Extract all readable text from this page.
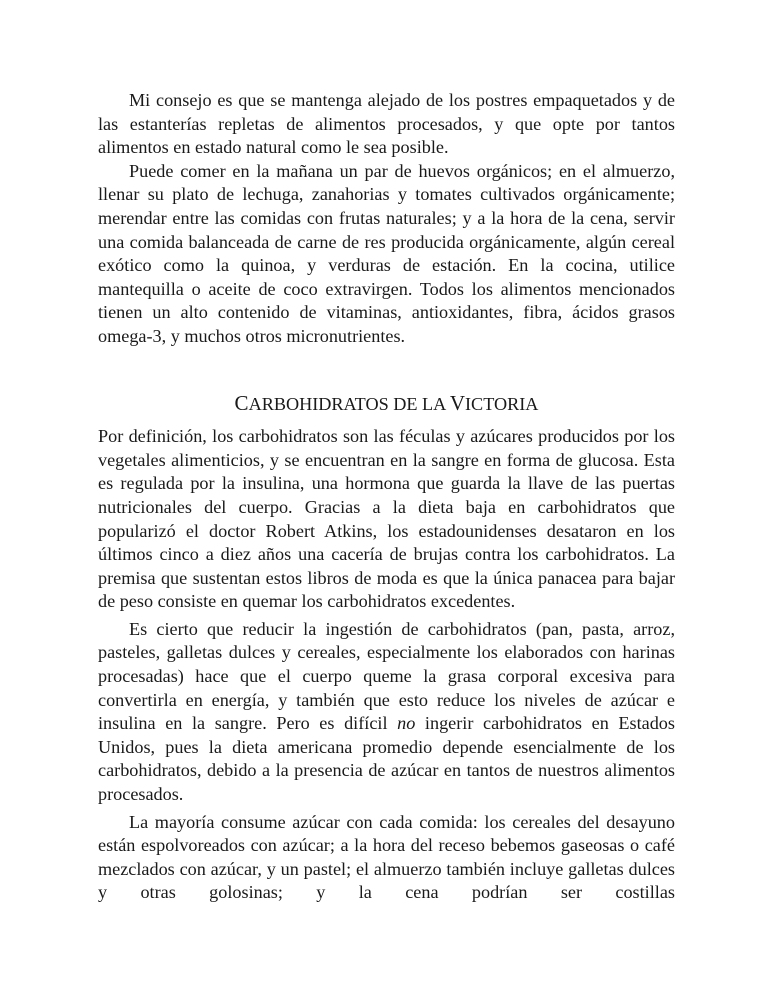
Mi consejo es que se mantenga alejado de los postres empaquetados y de las estanterías repletas de alimentos procesados, y que opte por tantos alimentos en estado natural como le sea posible.

Puede comer en la mañana un par de huevos orgánicos; en el almuerzo, llenar su plato de lechuga, zanahorias y tomates cultivados orgánicamente; merendar entre las comidas con frutas naturales; y a la hora de la cena, servir una comida balanceada de carne de res producida orgánicamente, algún cereal exótico como la quinoa, y verduras de estación. En la cocina, utilice mantequilla o aceite de coco extravirgen. Todos los alimentos mencionados tienen un alto contenido de vitaminas, antioxidantes, fibra, ácidos grasos omega-3, y muchos otros micronutrientes.

CARBOHIDRATOS DE LA VICTORIA

Por definición, los carbohidratos son las féculas y azúcares producidos por los vegetales alimenticios, y se encuentran en la sangre en forma de glucosa. Esta es regulada por la insulina, una hormona que guarda la llave de las puertas nutricionales del cuerpo. Gracias a la dieta baja en carbohidratos que popularizó el doctor Robert Atkins, los estadounidenses desataron en los últimos cinco a diez años una cacería de brujas contra los carbohidratos. La premisa que sustentan estos libros de moda es que la única panacea para bajar de peso consiste en quemar los carbohidratos excedentes.

Es cierto que reducir la ingestión de carbohidratos (pan, pasta, arroz, pasteles, galletas dulces y cereales, especialmente los elaborados con harinas procesadas) hace que el cuerpo queme la grasa corporal excesiva para convertirla en energía, y también que esto reduce los niveles de azúcar e insulina en la sangre. Pero es difícil no ingerir carbohidratos en Estados Unidos, pues la dieta americana promedio depende esencialmente de los carbohidratos, debido a la presencia de azúcar en tantos de nuestros alimentos procesados.

La mayoría consume azúcar con cada comida: los cereales del desayuno están espolvoreados con azúcar; a la hora del receso bebemos gaseosas o café mezclados con azúcar, y un pastel; el almuerzo también incluye galletas dulces y otras golosinas; y la cena podrían ser costillas
